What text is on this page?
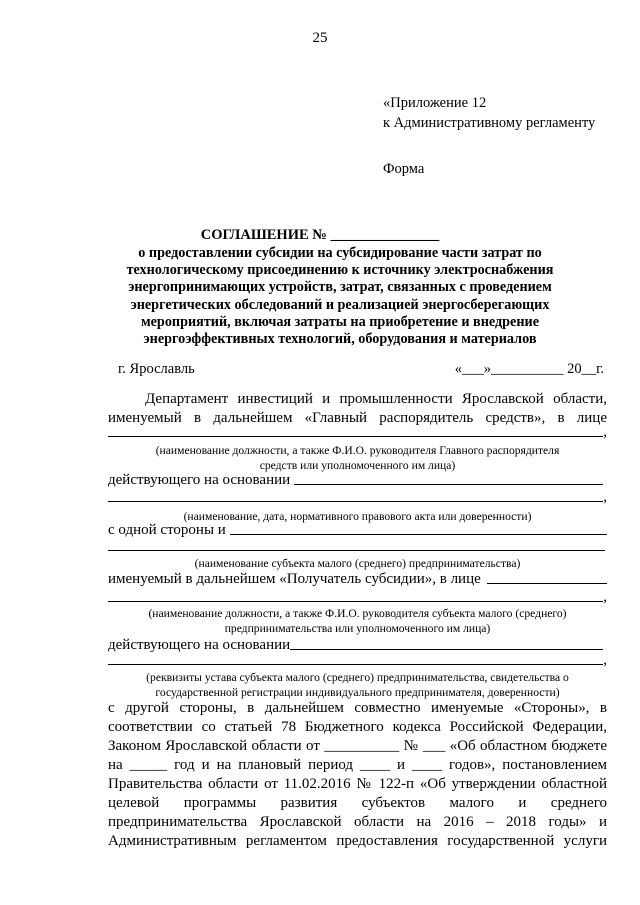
25
«Приложение 12
к Административному регламенту
Форма
СОГЛАШЕНИЕ № _______________
о предоставлении субсидии на субсидирование части затрат по
технологическому присоединению к источнику электроснабжения
энергопринимающих устройств, затрат, связанных с проведением
энергетических обследований и реализацией энергосберегающих
мероприятий, включая затраты на приобретение и внедрение
энергоэффективных технологий, оборудования и материалов
г. Ярославль	«___»__________ 20__г.
Департамент инвестиций и промышленности Ярославской области,
именуемый в дальнейшем «Главный распорядитель средств», в лице
,
(наименование должности, а также Ф.И.О. руководителя Главного распорядителя
средств или уполномоченного им лица)
действующего на основании
,
(наименование, дата, нормативного правового акта или доверенности)
с одной стороны и
(наименование субъекта малого (среднего) предпринимательства)
именуемый в дальнейшем «Получатель субсидии», в лице
,
(наименование должности, а также Ф.И.О. руководителя субъекта малого (среднего)
предпринимательства или уполномоченного им лица)
действующего на основании
,
(реквизиты устава субъекта малого (среднего) предпринимательства, свидетельства о
государственной регистрации индивидуального предпринимателя, доверенности)
с другой стороны, в дальнейшем совместно именуемые «Стороны», в
соответствии со статьей 78 Бюджетного кодекса Российской Федерации,
Законом Ярославской области от __________ № ___ «Об областном бюджете
на _____ год и на плановый период ____ и ____ годов», постановлением
Правительства области от 11.02.2016 № 122-п «Об утверждении областной
целевой программы развития субъектов малого и среднего
предпринимательства Ярославской области на 2016 – 2018 годы» и
Административным регламентом предоставления государственной услуги
